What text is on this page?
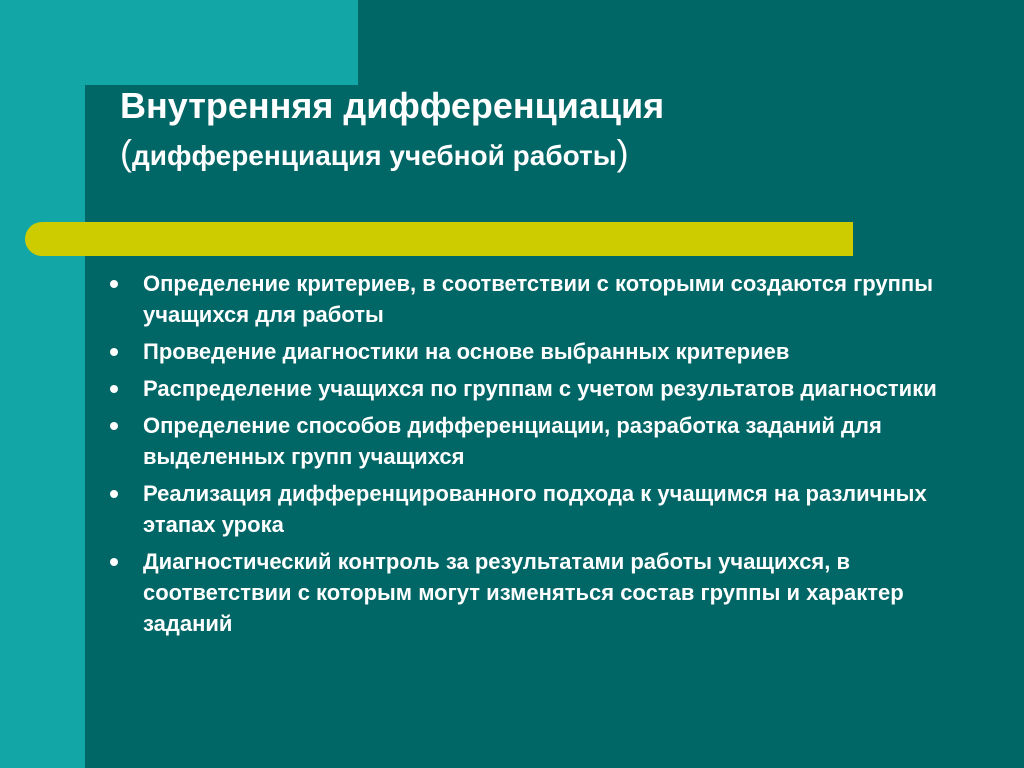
Внутренняя дифференциация
(дифференциация учебной работы)
Определение критериев, в соответствии с которыми создаются группы учащихся для работы
Проведение диагностики на основе выбранных критериев
Распределение учащихся по группам с учетом результатов диагностики
Определение способов дифференциации, разработка заданий для выделенных групп учащихся
Реализация дифференцированного подхода к учащимся на различных этапах урока
Диагностический контроль за результатами работы учащихся, в соответствии с которым могут изменяться состав группы и характер заданий
